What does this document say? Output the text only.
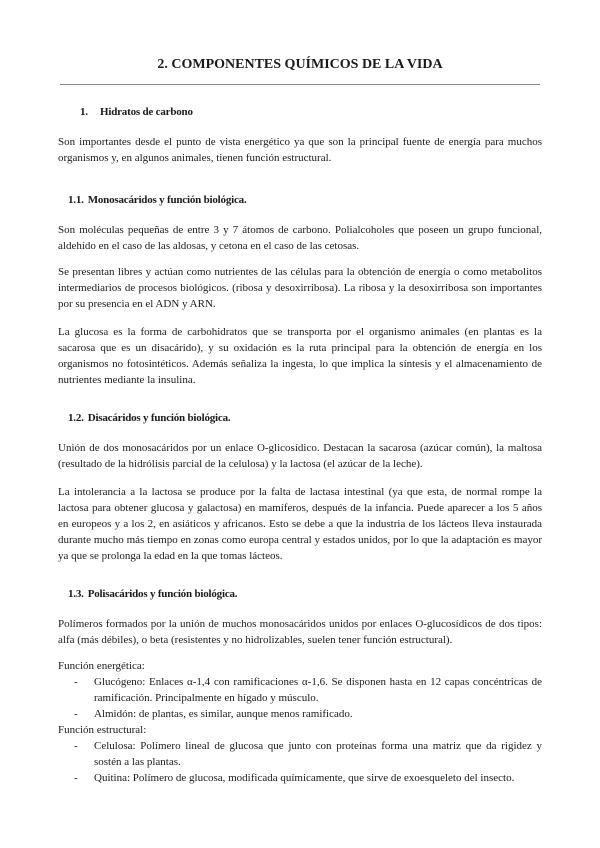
2. COMPONENTES QUÍMICOS DE LA VIDA
1. Hidratos de carbono
Son importantes desde el punto de vista energético ya que son la principal fuente de energía para muchos organismos y, en algunos animales, tienen función estructural.
1.1. Monosacáridos y función biológica.
Son moléculas pequeñas de entre 3 y 7 átomos de carbono. Polialcoholes que poseen un grupo funcional, aldehído en el caso de las aldosas, y cetona en el caso de las cetosas.
Se presentan libres y actúan como nutrientes de las células para la obtención de energía o como metabolitos intermediarios de procesos biológicos. (ribosa y desoxirribosa). La ribosa y la desoxirribosa son importantes por su presencia en el ADN y ARN.
La glucosa es la forma de carbohidratos que se transporta por el organismo animales (en plantas es la sacarosa que es un disacárido), y su oxidación es la ruta principal para la obtención de energía en los organismos no fotosintéticos. Además señaliza la ingesta, lo que implica la síntesis y el almacenamiento de nutrientes mediante la insulina.
1.2. Disacáridos y función biológica.
Unión de dos monosacáridos por un enlace O-glicosídico. Destacan la sacarosa (azúcar común), la maltosa (resultado de la hidrólisis parcial de la celulosa) y la lactosa (el azúcar de la leche).
La intolerancia a la lactosa se produce por la falta de lactasa intestinal (ya que esta, de normal rompe la lactosa para obtener glucosa y galactosa) en mamíferos, después de la infancia. Puede aparecer a los 5 años en europeos y a los 2, en asiáticos y africanos. Esto se debe a que la industria de los lácteos lleva instaurada durante mucho más tiempo en zonas como europa central y estados unidos, por lo que la adaptación es mayor ya que se prolonga la edad en la que tomas lácteos.
1.3. Polisacáridos y función biológica.
Polímeros formados por la unión de muchos monosacáridos unidos por enlaces O-glucosídicos de dos tipos: alfa (más débiles), o beta (resistentes y no hidrolizables, suelen tener función estructural).
Función energética:
- Glucógeno: Enlaces α-1,4 con ramificaciones α-1,6. Se disponen hasta en 12 capas concéntricas de ramificación. Principalmente en hígado y músculo.
- Almidón: de plantas, es similar, aunque menos ramificado.
Función estructural:
- Celulosa: Polímero lineal de glucosa que junto con proteínas forma una matriz que da rigidez y sostén a las plantas.
- Quitina: Polímero de glucosa, modificada químicamente, que sirve de exoesqueleto del insecto.
